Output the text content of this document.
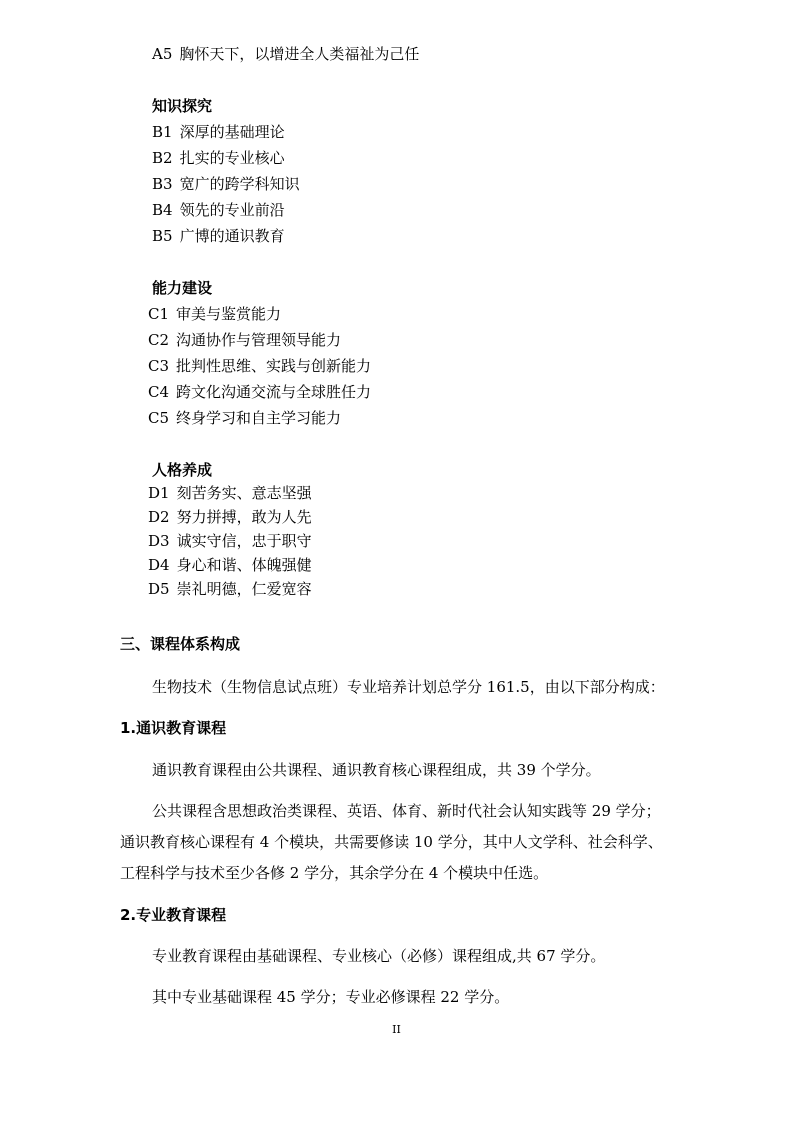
A5 胸怀天下，以增进全人类福祉为己任
知识探究
B1 深厚的基础理论
B2 扎实的专业核心
B3 宽广的跨学科知识
B4 领先的专业前沿
B5 广博的通识教育
能力建设
C1 审美与鉴赏能力
C2 沟通协作与管理领导能力
C3 批判性思维、实践与创新能力
C4 跨文化沟通交流与全球胜任力
C5 终身学习和自主学习能力
人格养成
D1 刻苦务实、意志坚强
D2 努力拼搏，敢为人先
D3 诚实守信，忠于职守
D4 身心和谐、体魄强健
D5 崇礼明德，仁爱宽容
三、课程体系构成
生物技术（生物信息试点班）专业培养计划总学分 161.5，由以下部分构成：
1.通识教育课程
通识教育课程由公共课程、通识教育核心课程组成，共 39 个学分。
公共课程含思想政治类课程、英语、体育、新时代社会认知实践等 29 学分；
通识教育核心课程有 4 个模块，共需要修读 10 学分，其中人文学科、社会科学、
工程科学与技术至少各修 2 学分，其余学分在 4 个模块中任选。
2.专业教育课程
专业教育课程由基础课程、专业核心（必修）课程组成,共 67 学分。
其中专业基础课程 45 学分；专业必修课程 22 学分。
II
